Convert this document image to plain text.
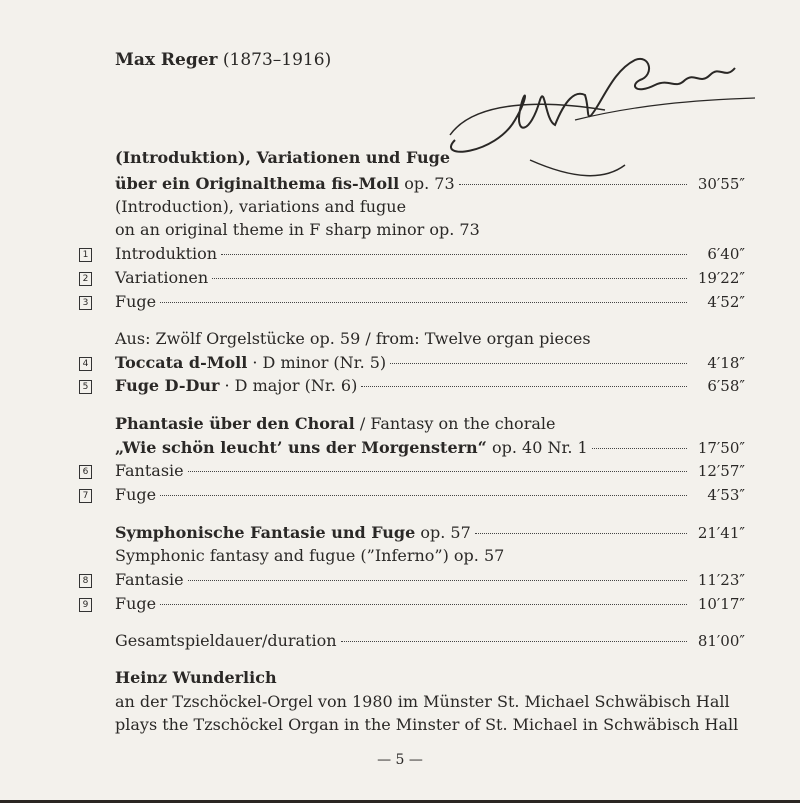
Max Reger (1873–1916)
(Introduktion), Variationen und Fuge
über ein Originalthema fis-Moll op. 73	30′55″
(Introduction), variations and fugue
on an original theme in F sharp minor op. 73
1 Introduktion	6′40″
2 Variationen	19′22″
3 Fuge	4′52″
Aus: Zwölf Orgelstücke op. 59 / from: Twelve organ pieces
4 Toccata d-Moll · D minor (Nr. 5)	4′18″
5 Fuge D-Dur · D major (Nr. 6)	6′58″
Phantasie über den Choral / Fantasy on the chorale
„Wie schön leucht’ uns der Morgenstern“ op. 40 Nr. 1	17′50″
6 Fantasie	12′57″
7 Fuge	4′53″
Symphonische Fantasie und Fuge op. 57	21′41″
Symphonic fantasy and fugue (”Inferno”) op. 57
8 Fantasie	11′23″
9 Fuge	10′17″
Gesamtspieldauer/duration	81′00″
Heinz Wunderlich
an der Tzschöckel-Orgel von 1980 im Münster St. Michael Schwäbisch Hall
plays the Tzschöckel Organ in the Minster of St. Michael in Schwäbisch Hall
— 5 —
